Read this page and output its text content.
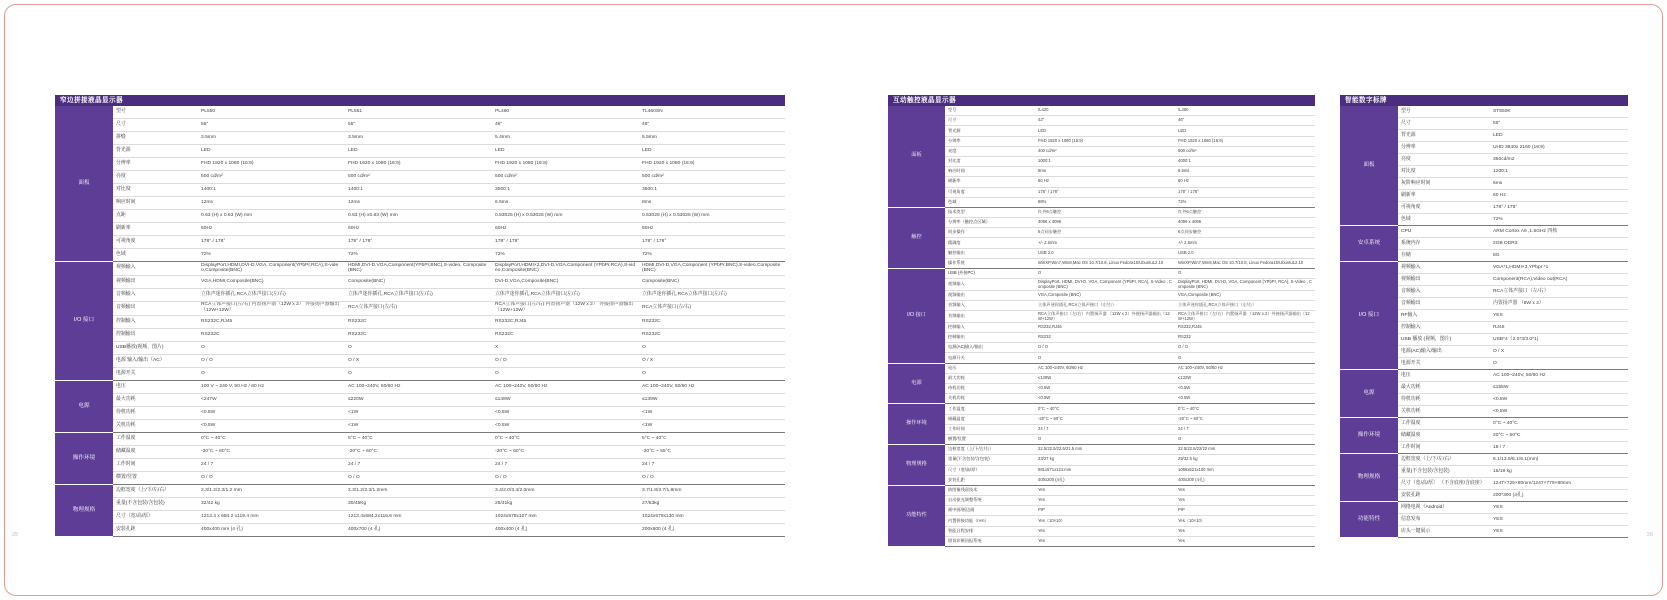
窄边拼接液晶显示器
面板	型号	PL550	PL551	PL460	TL460SN
	尺寸	55"	55"	46"	46"
	拼缝	3.5mm	3.5mm	5.4mm	5.5mm
	背光源	LED	LED	LED	LED
	分辨率	FHD 1920 x 1080 (16:9)	FHD 1920 x 1080 (16:9)	FHD 1920 x 1080 (16:9)	FHD 1920 x 1080 (16:9)
	亮度	500 cd/m²	500 cd/m²	500 cd/m²	500 cd/m²
	对比度	1400:1	1400:1	3500:1	3500:1
	响应时间	12ms	12ms	6.5ms	8ms
	点距	0.63 (H) x 0.63 (W) mm	0.63 (H) x0.63 (W) mm	0.53025 (H) x 0.53025 (W) mm	0.53025 (H) x 0.53025 (W) mm
	刷新率	60Hz	60Hz	60Hz	60Hz
	可视角度	178° / 178°	178° / 178°	178° / 178°	178° / 178°
	色域	72%	72%	72%	72%
I/O 接口	视频输入	DisplayPort,HDMI,DVI-D,VGA, Component(YPbPr,RCA),S-video,Composite(BNC)	HDMI,DVI-D,VGA,Component(YPbPr,BNC),S-video, Composite(BNC)	DisplayPort,HDMI×2,DVI-D,VGA,Component (YPbPr,RCA),S-video,Composite(BNC)	HDMI,DVI-D,VGA,Component (YPbPr,BNC),S-video,Composite(BNC)
	视频输出	VGA,HDMI,Composite(BNC)	Composite(BNC)	DVI-D,VGA,Composite(BNC)	Composite(BNC)
	音频输入	立体声迷你插孔,RCA立体声接口(左/右)	立体声迷你插孔,RCA立体声接口(左/右)	立体声迷你插孔,RCA立体声接口(左/右)	立体声迷你插孔,RCA立体声接口(左/右)
	音频输出	RCA立体声接口(左/右) 内置扬声器（12W x 2） 外接扬声器输出（12W+12W）	RCA立体声接口(左/右)	RCA立体声接口(左/右) 内置扬声器（12W x 2） 外接扬声器输出（12W+12W）	RCA立体声接口(左/右)
	控制输入	RS232C,RJ45	RS232C	RS232C,RJ45	RS232C
	控制输出	RS232C	RS232C	RS232C	RS232C
	USB播放(视频，图片)	O	O	X	O
	电源 输入/输出（AC）	O / O	O / X	O / O	O / X
	电源开关	O	O	O	O
电源	电压	100 V ~ 240 V, 50 Hz / 60 Hz	AC 100~240V, 50/60 Hz	AC 100~240V, 50/60 Hz	AC 100~240V, 50/60 Hz
	最大功耗	<247W	≤220W	≤148W	≤139W
	待机功耗	<0.5W	<1W	<0.5W	<1W
	关机功耗	<0.5W	<1W	<0.5W	<1W
操作环境	工作温度	0°C ~ 40°C	5°C ~ 40°C	0°C ~ 40°C	5°C ~ 40°C
	储藏温度	-20°C ~ 60°C	-20°C ~ 60°C	-20°C ~ 60°C	-20°C ~ 55°C
	工作时间	24 / 7	24 / 7	24 / 7	24 / 7
	横置/竖置	O / O	O / O	O / O	O / O
物理规格	边框宽度（上/下/左/右）	2.3/1.2/2.3/1.2 mm	2.3/1.2/2.3/1.2mm	3.4/2.0/3.4/2.0mm	3.7/1.8/3.7/1.8mm
	重量(不含包装/含包装)	32/42 kg	30/45Kg	25/31kg	27/53kg
	尺寸（宽/高/厚）	1213.4 x 684.2 x119.4 mm	1213.4x684.2x115.6 mm	1024x578x107 mm	1024x579x130 mm
	安装孔距	400x400 mm (4 孔)	400x700 (4 孔)	400x400 (4 孔)	200x600 (4 孔)
互动触控液晶显示器
面板	型号	IL420	IL460
	尺寸	42"	46"
	背光源	LED	LED
	分辨率	FHD 1920 x 1080 (16:9)	FHD 1920 x 1080 (16:9)
	亮度	400 cd/m²	500 cd/m²
	对比度	1000:1	4000:1
	响应时间	9ms	6.5ms
	刷新率	60 Hz	60 Hz
	可视角度	178° / 178°	178° / 178°
	色域	68%	72%
触控	技术类型	红外6点触控	红外6点触控
	分辨率（触控点区域）	4096 x 4096	4096 x 4096
	同步操作	6点同步触控	6点同步触控
	精确度	+/- 2.5mm	+/- 2.5mm
	触控输出	USB 2.0	USB 2.0
	操作系统	WinXP,Win7,Win8,Mac OS 10.7/10.8, Linux Fedora15/Ubuntu12.10	WinXP,Win7,Win8,Mac OS 10.7/10.8, Linux Fedora15/Ubuntu12.10
I/O 接口	USB (外接PC)	O	O
	视频输入	DisplayPort, HDMI, DVI-D, VGA, Component (YPbPr, RCA), S-Video , Composite (BNC)	DisplayPort, HDMI, DVI-D, VGA, Component (YPbPr, RCA), S-Video , Composite (BNC)
	视频输出	VGA,Composite (BNC)	VGA,Composite (BNC)
	音频输入	立体声迷你插孔,RCA立体声接口（左/右）	立体声迷你插孔,RCA立体声接口（左/右）
	音频输出	RCA立体声接口（左/右）内置扬声器 （12W x 2）外接扬声器输出（12W+12W）	RCA立体声接口（左/右）内置扬声器 （12W x 2）外接扬声器输出（12W+12W）
	控制输入	RS232,RJ45	RS232,RJ45
	控制输出	RS232	RS232
	电源(AC)输入/输出	O / O	O / O
	电源开关	O	O
电源	电压	AC 100~240V, 50/60 Hz	AC 100~240V, 50/60 Hz
	最大功耗	≤128W	≤132W
	待机功耗	<0.5W	<0.5W
	关机功耗	<0.5W	<0.5W
操作环境	工作温度	0°C ~ 40°C	0°C ~ 40°C
	储藏温度	-20°C ~ 60°C	-20°C ~ 60°C
	工作时间	24 / 7	24 / 7
	横置/竖置	O	O
物理规格	边框宽度（上/下/左/右）	22.5/22.5/22.5/21.5 mm	22.5/22.5/22/22 mm
	重量(不含包装/含包装)	23/27 kg	29/32.5 kg
	尺寸（宽/高/厚）	981x571x121 mm	1066x621x100 mm
	安装孔距	400x200 (4孔)	400x200 (4孔)
功能特性	防图像残留技术	Yes	Yes
	自动侦光调整系统	Yes	Yes
	画中画/画边画	PIP	PIP
	内置拼接功能（n×n）	Yes（10×10）	Yes（10×10）
	智能日程安排	Yes	Yes
	错误诊断回报系统	Yes	Yes
智能数字标牌
面板	型号	ST550K
	尺寸	55"
	背光源	LED
	分辨率	UHD 3840x 2160 (16:9)
	亮度	350cd/m2
	对比度	1200:1
	灰阶响应时间	6ms
	刷新率	60 Hz
	可视角度	178° / 178°
	色域	72%
安卓系统	CPU	ARM Cortex A9 ,1.5GHz 四核
	系统内存	2GB DDR3
	存储	8G
I/O 接口	视频输入	VGA*1,HDMI×3,YPbpr *1
	视频输出	Component(RCA),Video out(RCA)
	音频输入	RCA立体声接口（左/右）
	音频输出	内置扬声器 （8W x 2）
	RF输入	YES
	控制输入	RJ45
	USB 播放 (视频，图片)	USB*4（2.0*3/3.0*1)
	电源(AC)输入/输出	O / X
	电源开关	O
电源	电压	AC 100~240V, 50/60 Hz
	最大功耗	≤155W
	待机功耗	<0.5W
	关机功耗	<0.5W
操作环境	工作温度	0°C ~ 40°C
	储藏温度	20°C ~ 50°C
	工作时间	18 / 7
物理规格	边框宽度（上/下/左/右）	6.1/13.6/6.1/6.1(mm)
	重量(不含包装/含包装)	15/19 kg
	尺寸（宽/高/厚） （不含底座/含底座）	1247×725×80mm/1247×779×80mm
	安装孔距	200*300 (4孔)
功能特性	网络电视（Android）	YES
	信息发布	YES
	店头一键展示	YES
25	26
